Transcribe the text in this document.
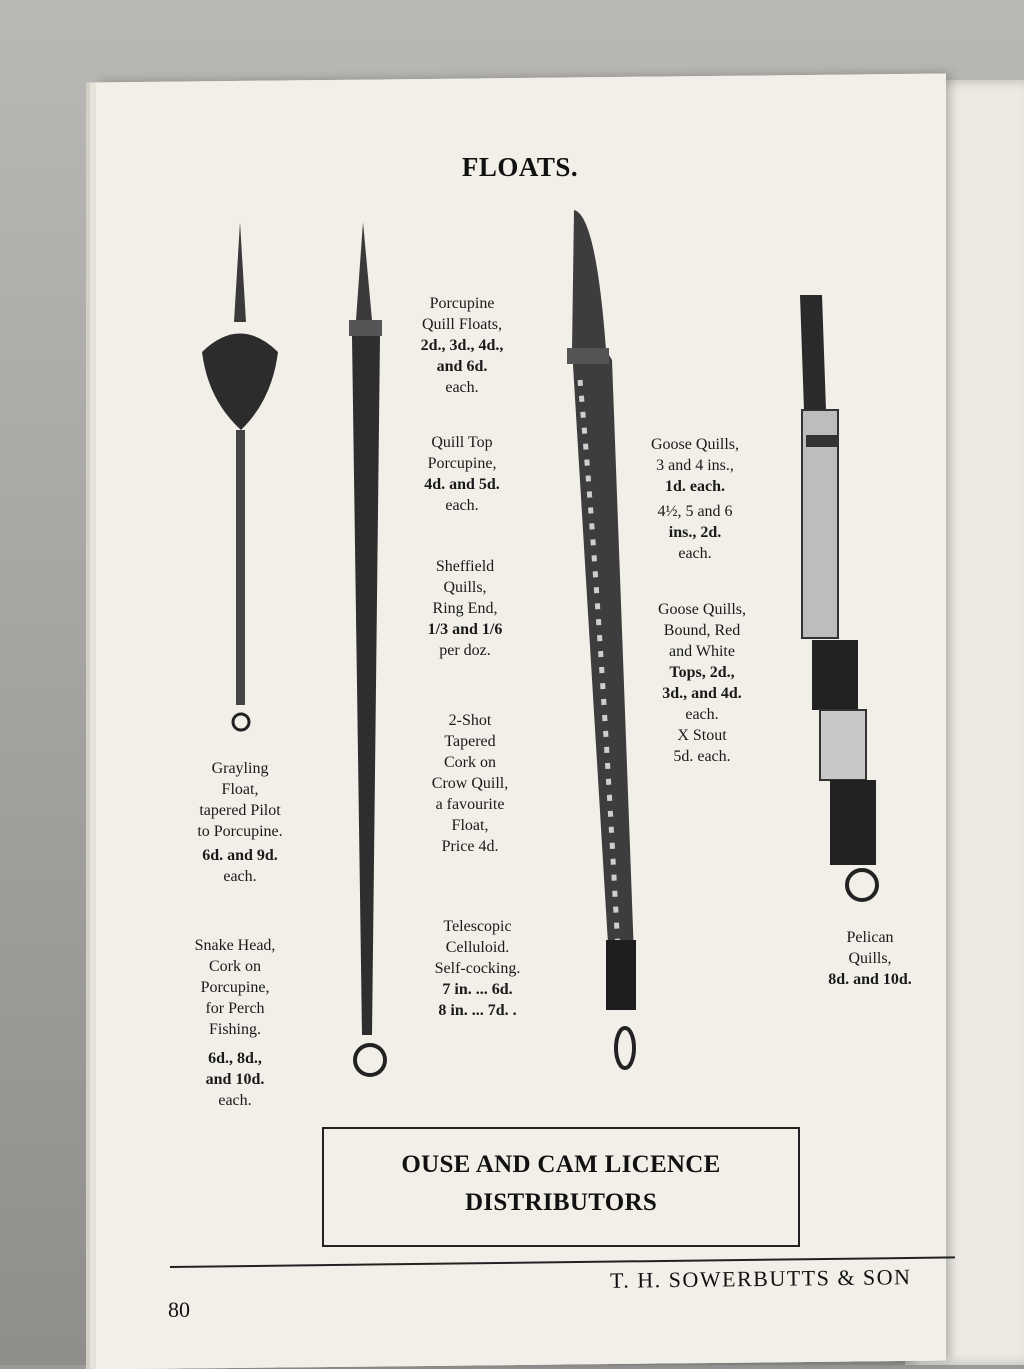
FLOATS.
Grayling
Float,
tapered Pilot
to Porcupine.
6d. and 9d.
each.
Snake Head,
Cork on
Porcupine,
for Perch
Fishing.
6d., 8d.,
and 10d.
each.
Porcupine
Quill Floats,
2d., 3d., 4d.,
and 6d.
each.
Quill Top
Porcupine,
4d. and 5d.
each.
Sheffield
Quills,
Ring End,
1/3 and 1/6
per doz.
2-Shot
Tapered
Cork on
Crow Quill,
a favourite
Float,
Price 4d.
Telescopic
Celluloid.
Self-cocking.
7 in. ... 6d.
8 in. ... 7d. .
Goose Quills,
3 and 4 ins.,
1d. each.
4½, 5 and 6
ins., 2d.
each.
Goose Quills,
Bound, Red
and White
Tops, 2d.,
3d., and 4d.
each.
X Stout
5d. each.
Pelican
Quills,
8d. and 10d.
OUSE AND CAM LICENCE
DISTRIBUTORS
80
T. H. SOWERBUTTS & SON
